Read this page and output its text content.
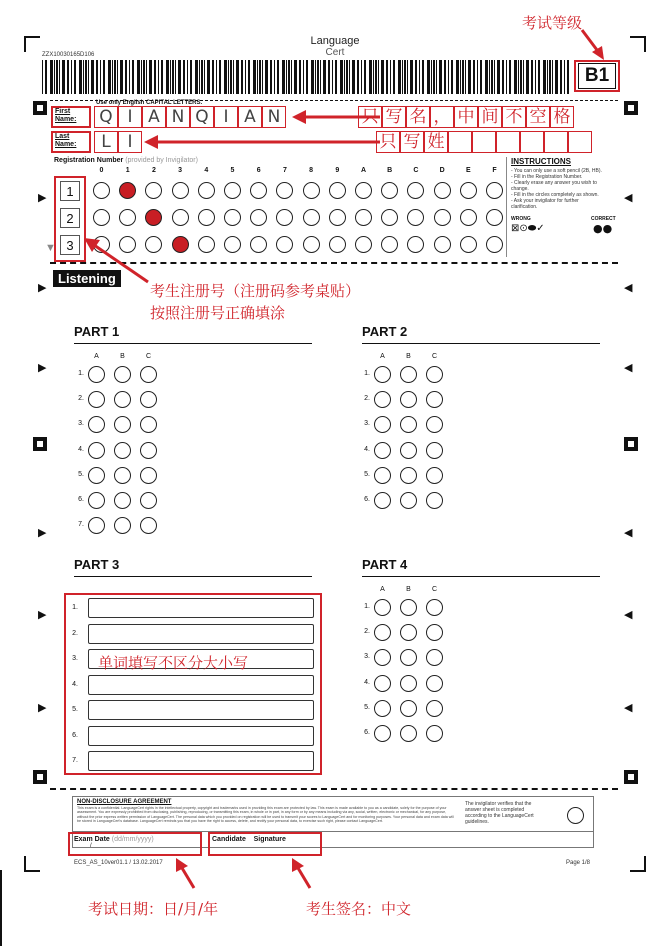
ZZX10030165D106
Language
Cert
考试等级
B1
▶
▶
▶
▶
▶
▶
◀
◀
◀
◀
◀
◀
Use only English CAPITAL LETTERS.
First
Name:	Q I A N Q I A N	只 写 名 ， 中 间 不 空 格
Last
Name:	L I	只 写 姓
Registration Number (provided by Invigilator)
0	1	2	3	4	5	6	7	8	9	A	B	C	D	E	F
1
2
3
INSTRUCTIONS
- You can only use a soft pencil (2B, HB).
- Fill in the Registration Number.
- Clearly erase any answer you wish to
change.
- Fill in the circles completely as shown.
- Ask your invigilator for further
clarification.
WRONG
⊠⊙⬬✓
CORRECT
●●
▼
Listening
考生注册号（注册码参考桌贴）
按照注册号正确填涂
PART 1
A	B	C
1.
2.
3.
4.
5.
6.
7.
PART 2
A	B	C
1.
2.
3.
4.
5.
6.
PART 3
1.
2.
3.
4.
5.
6.
7.
单词填写不区分大小写
PART 4
A	B	C
1.
2.
3.
4.
5.
6.
NON-DISCLOSURE AGREEMENT
This exam is a confidential. LanguageCert rights in the intellectual property, copyright and trademarks used in providing this exam are protected by law. This exam is made available to you as a candidate, solely for the purpose of your assessment. You are expressly prohibited from disclosing, publishing, reproducing, or transmitting this exam, in whole or in part, in any form or by any means including via any, social, written, electronic or mechanical, for any purpose, without the prior express written permission of LanguageCert. The personal data which you provided on registration will be used to transmit your scores to LanguageCert and for monitoring purposes. Your personal data and exam data will be stored in LanguageCert's database. LanguageCert reminds you that you have the right to access, delete, and rectify your personal data, to exercise such right, please contact LanguageCert.
The invigilator verifies that the answer sheet is completed according to the LanguageCert guidelines.
Exam Date (dd/mm/yyyy)
/
Candidate Signature
ECS_AS_10ver01.1 / 13.02.2017	Page 1/8
考试日期：日/月/年	考生签名：中文
